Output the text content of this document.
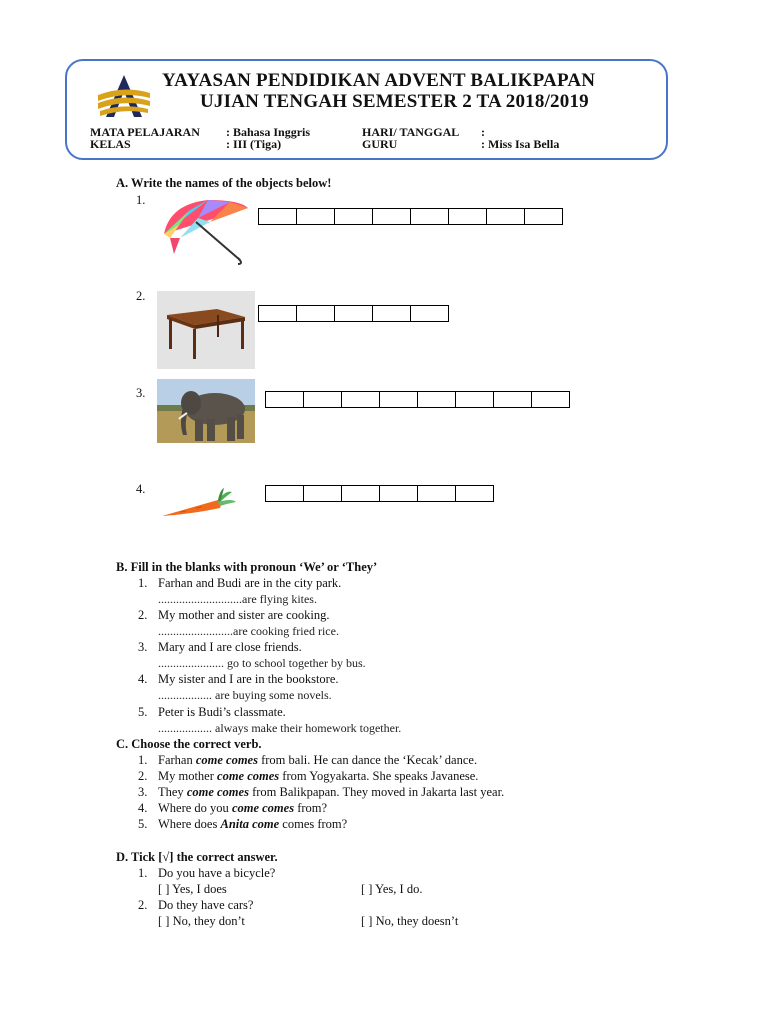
YAYASAN PENDIDIKAN ADVENT BALIKPAPAN
UJIAN TENGAH SEMESTER 2 TA 2018/2019
MATA PELAJARAN : Bahasa Inggris
KELAS	: III (Tiga)
HARI/ TANGGAL :
GURU	: Miss Isa Bella
A. Write the names of the objects below!
1.
2.
3.
4.
B. Fill in the blanks with pronoun ‘We’ or ‘They’
1. Farhan and Budi are in the city park.
............................are flying kites.
2. My mother and sister are cooking.
.........................are cooking fried rice.
3. Mary and I are close friends.
...................... go to school together by bus.
4. My sister and I are in the bookstore.
.................. are buying some novels.
5. Peter is Budi’s classmate.
.................. always make their homework together.
C. Choose the correct verb.
1. Farhan come comes from bali. He can dance the ‘Kecak’ dance.
2. My mother come comes from Yogyakarta. She speaks Javanese.
3. They come comes from Balikpapan. They moved in Jakarta last year.
4. Where do you come comes from?
5. Where does Anita come comes from?
D. Tick [√] the correct answer.
1. Do you have a bicycle?
[ ] Yes, I does	[ ] Yes, I do.
2. Do they have cars?
[ ] No, they don’t	[ ] No, they doesn’t
